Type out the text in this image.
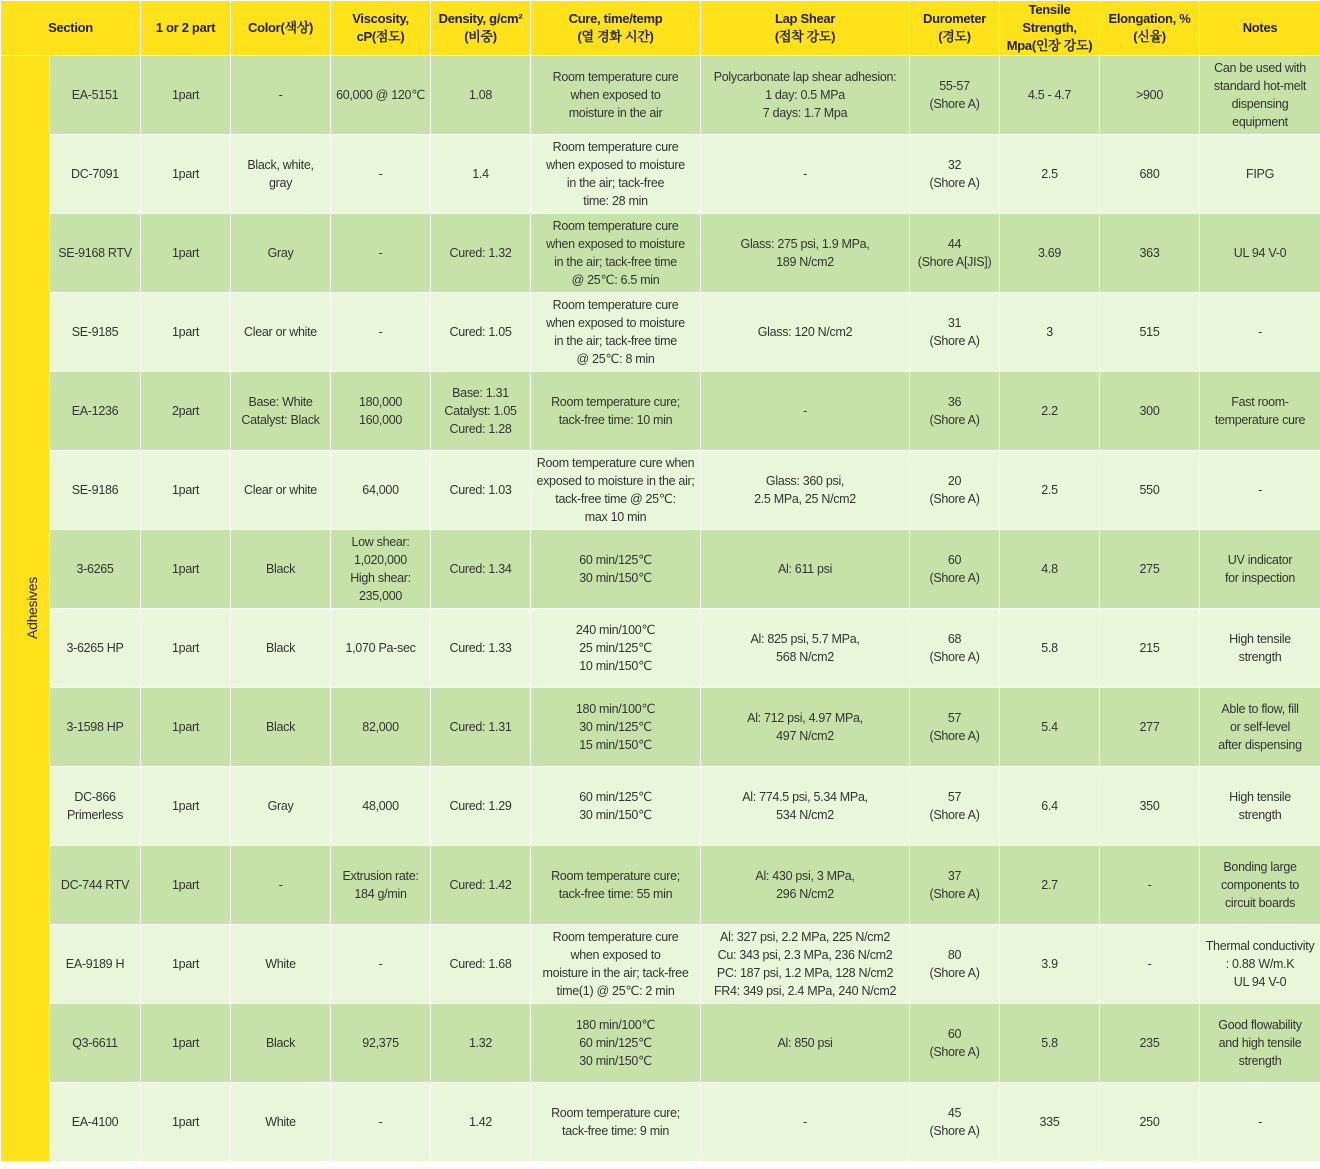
Section		1 or 2 part	Color(색상)	Viscosity,
cP(점도)	Density, g/cm²
(비중)	Cure, time/temp
(열 경화 시간)	Lap Shear
(접착 강도)	Durometer
(경도)	Tensile Strength,
Mpa(인장 강도)	Elongation, %
(신율)	Notes
Adhesives	EA-5151	1part	-	60,000 @ 120℃	1.08	Room temperature cure
when exposed to
moisture in the air	Polycarbonate lap shear adhesion:
1 day: 0.5 MPa
7 days: 1.7 Mpa	55-57
(Shore A)	4.5 - 4.7	>900	Can be used with
standard hot-melt
dispensing
equipment

	DC-7091	1part	Black, white,
gray	-	1.4	Room temperature cure
when exposed to moisture
in the air; tack-free
time: 28 min	-	32
(Shore A)	2.5	680	FIPG

	SE-9168 RTV	1part	Gray	-	Cured: 1.32	Room temperature cure
when exposed to moisture
in the air; tack-free time
@ 25℃: 6.5 min	Glass: 275 psi, 1.9 MPa,
189 N/cm2	44
(Shore A[JIS])	3.69	363	UL 94 V-0

	SE-9185	1part	Clear or white	-	Cured: 1.05	Room temperature cure
when exposed to moisture
in the air; tack-free time
@ 25℃: 8 min	Glass: 120 N/cm2	31
(Shore A)	3	515	-

	EA-1236	2part	Base: White
Catalyst: Black	180,000
160,000	Base: 1.31
Catalyst: 1.05
Cured: 1.28	Room temperature cure;
tack-free time: 10 min	-	36
(Shore A)	2.2	300	Fast room-
temperature cure

	SE-9186	1part	Clear or white	64,000	Cured: 1.03	Room temperature cure when
exposed to moisture in the air;
tack-free time @ 25℃:
max 10 min	Glass: 360 psi,
2.5 MPa, 25 N/cm2	20
(Shore A)	2.5	550	-

	3-6265	1part	Black	Low shear:
1,020,000
High shear:
235,000	Cured: 1.34	60 min/125℃
30 min/150℃	Al: 611 psi	60
(Shore A)	4.8	275	UV indicator
for inspection

	3-6265 HP	1part	Black	1,070 Pa-sec	Cured: 1.33	240 min/100℃
25 min/125℃
10 min/150℃	Al: 825 psi, 5.7 MPa,
568 N/cm2	68
(Shore A)	5.8	215	High tensile
strength

	3-1598 HP	1part	Black	82,000	Cured: 1.31	180 min/100℃
30 min/125℃
15 min/150℃	Al: 712 psi, 4.97 MPa,
497 N/cm2	57
(Shore A)	5.4	277	Able to flow, fill
or self-level
after dispensing

	DC-866
Primerless	1part	Gray	48,000	Cured: 1.29	60 min/125℃
30 min/150℃	Al: 774.5 psi, 5.34 MPa,
534 N/cm2	57
(Shore A)	6.4	350	High tensile
strength

	DC-744 RTV	1part	-	Extrusion rate:
184 g/min	Cured: 1.42	Room temperature cure;
tack-free time: 55 min	Al: 430 psi, 3 MPa,
296 N/cm2	37
(Shore A)	2.7	-	Bonding large
components to
circuit boards

	EA-9189 H	1part	White	-	Cured: 1.68	Room temperature cure
when exposed to
moisture in the air; tack-free
time(1) @ 25℃: 2 min	Al: 327 psi, 2.2 MPa, 225 N/cm2
Cu: 343 psi, 2.3 MPa, 236 N/cm2
PC: 187 psi, 1.2 MPa, 128 N/cm2
FR4: 349 psi, 2.4 MPa, 240 N/cm2	80
(Shore A)	3.9	-	Thermal conductivity
: 0.88 W/m.K
UL 94 V-0

	Q3-6611	1part	Black	92,375	1.32	180 min/100℃
60 min/125℃
30 min/150℃	Al: 850 psi	60
(Shore A)	5.8	235	Good flowability
and high tensile
strength

	EA-4100	1part	White	-	1.42	Room temperature cure;
tack-free time: 9 min	-	45
(Shore A)	335	250	-
